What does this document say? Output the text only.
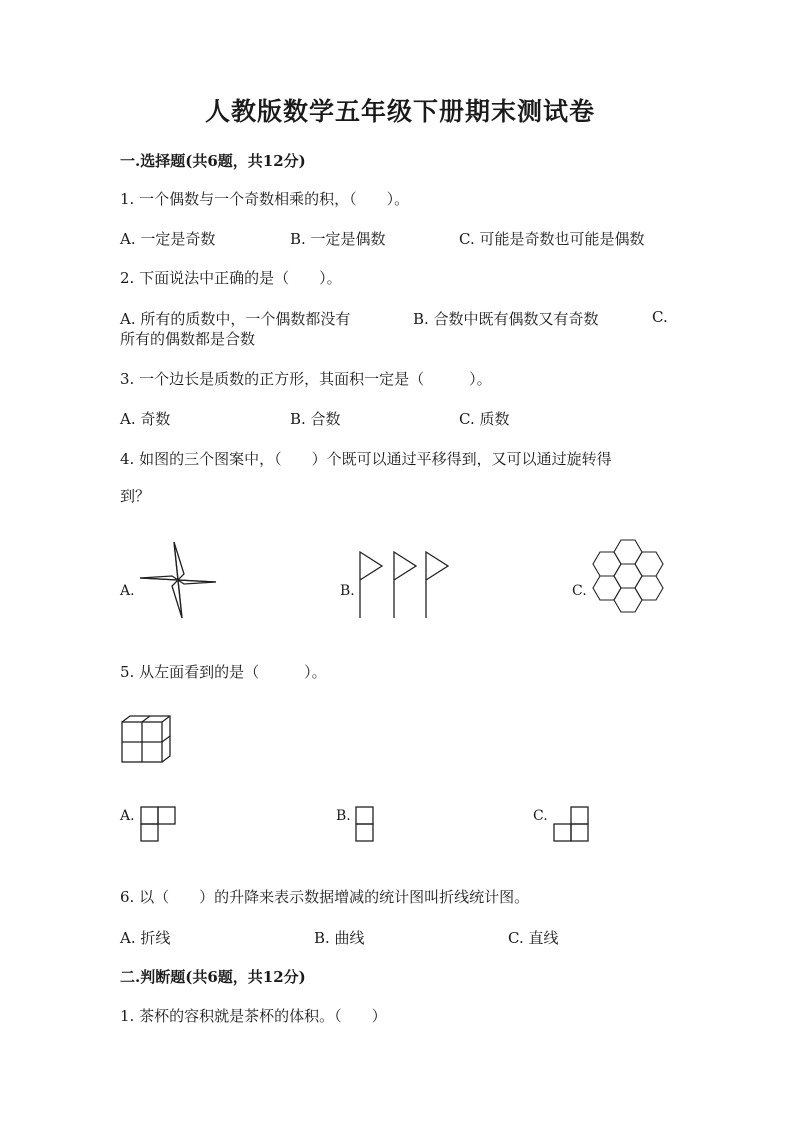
人教版数学五年级下册期末测试卷
一.选择题(共6题，共12分)
1. 一个偶数与一个奇数相乘的积，（　　）。
A. 一定是奇数	B. 一定是偶数	C. 可能是奇数也可能是偶数
2. 下面说法中正确的是（　　）。
A. 所有的质数中，一个偶数都没有	B. 合数中既有偶数又有奇数	C.
所有的偶数都是合数
3. 一个边长是质数的正方形，其面积一定是（　　　）。
A. 奇数	B. 合数	C. 质数
4. 如图的三个图案中，（　　）个既可以通过平移得到，又可以通过旋转得
到？
A.	B.	C.
5. 从左面看到的是（　　　）。
A.	B.	C.
6. 以（　　）的升降来表示数据增减的统计图叫折线统计图。
A. 折线	B. 曲线	C. 直线
二.判断题(共6题，共12分)
1. 茶杯的容积就是茶杯的体积。（　　）
